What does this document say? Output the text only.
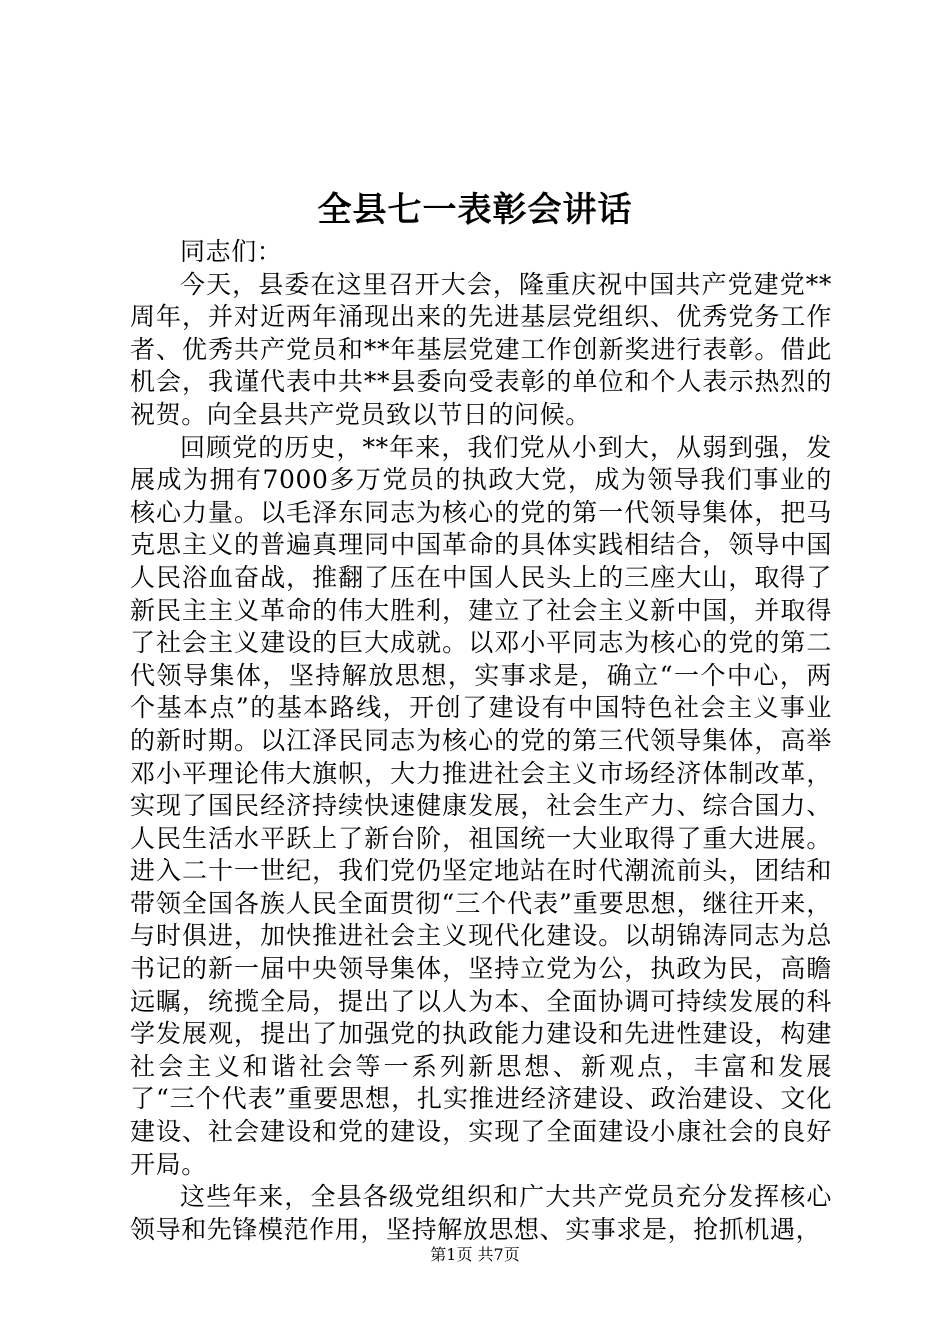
全县七一表彰会讲话

同志们：

今天，县委在这里召开大会，隆重庆祝中国共产党建党**周年，并对近两年涌现出来的先进基层党组织、优秀党务工作者、优秀共产党员和**年基层党建工作创新奖进行表彰。借此机会，我谨代表中共**县委向受表彰的单位和个人表示热烈的祝贺。向全县共产党员致以节日的问候。

回顾党的历史，**年来，我们党从小到大，从弱到强，发展成为拥有7000多万党员的执政大党，成为领导我们事业的核心力量。以毛泽东同志为核心的党的第一代领导集体，把马克思主义的普遍真理同中国革命的具体实践相结合，领导中国人民浴血奋战，推翻了压在中国人民头上的三座大山，取得了新民主主义革命的伟大胜利，建立了社会主义新中国，并取得了社会主义建设的巨大成就。以邓小平同志为核心的党的第二代领导集体，坚持解放思想，实事求是，确立“一个中心，两个基本点”的基本路线，开创了建设有中国特色社会主义事业的新时期。以江泽民同志为核心的党的第三代领导集体，高举邓小平理论伟大旗帜，大力推进社会主义市场经济体制改革，实现了国民经济持续快速健康发展，社会生产力、综合国力、人民生活水平跃上了新台阶，祖国统一大业取得了重大进展。进入二十一世纪，我们党仍坚定地站在时代潮流前头，团结和带领全国各族人民全面贯彻“三个代表”重要思想，继往开来，与时俱进，加快推进社会主义现代化建设。以胡锦涛同志为总书记的新一届中央领导集体，坚持立党为公，执政为民，高瞻远瞩，统揽全局，提出了以人为本、全面协调可持续发展的科学发展观，提出了加强党的执政能力建设和先进性建设，构建社会主义和谐社会等一系列新思想、新观点，丰富和发展了“三个代表”重要思想，扎实推进经济建设、政治建设、文化建设、社会建设和党的建设，实现了全面建设小康社会的良好开局。

这些年来，全县各级党组织和广大共产党员充分发挥核心领导和先锋模范作用，坚持解放思想、实事求是，抢抓机遇，

第1页 共7页
